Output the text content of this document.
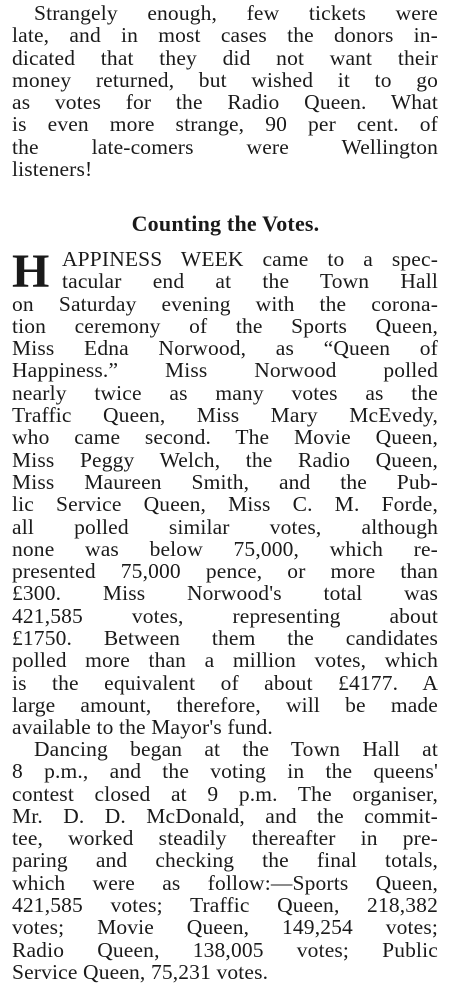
Strangely enough, few tickets were
late, and in most cases the donors in-
dicated that they did not want their
money returned, but wished it to go
as votes for the Radio Queen. What
is even more strange, 90 per cent. of
the late-comers were Wellington
listeners!
Counting the Votes.
H APPINESS WEEK came to a spec-
tacular end at the Town Hall
on Saturday evening with the corona-
tion ceremony of the Sports Queen,
Miss Edna Norwood, as “Queen of
Happiness.” Miss Norwood polled
nearly twice as many votes as the
Traffic Queen, Miss Mary McEvedy,
who came second. The Movie Queen,
Miss Peggy Welch, the Radio Queen,
Miss Maureen Smith, and the Pub-
lic Service Queen, Miss C. M. Forde,
all polled similar votes, although
none was below 75,000, which re-
presented 75,000 pence, or more than
£300. Miss Norwood's total was
421,585 votes, representing about
£1750. Between them the candidates
polled more than a million votes, which
is the equivalent of about £4177. A
large amount, therefore, will be made
available to the Mayor's fund.
Dancing began at the Town Hall at
8 p.m., and the voting in the queens'
contest closed at 9 p.m. The organiser,
Mr. D. D. McDonald, and the commit-
tee, worked steadily thereafter in pre-
paring and checking the final totals,
which were as follow:—Sports Queen,
421,585 votes; Traffic Queen, 218,382
votes; Movie Queen, 149,254 votes;
Radio Queen, 138,005 votes; Public
Service Queen, 75,231 votes.
